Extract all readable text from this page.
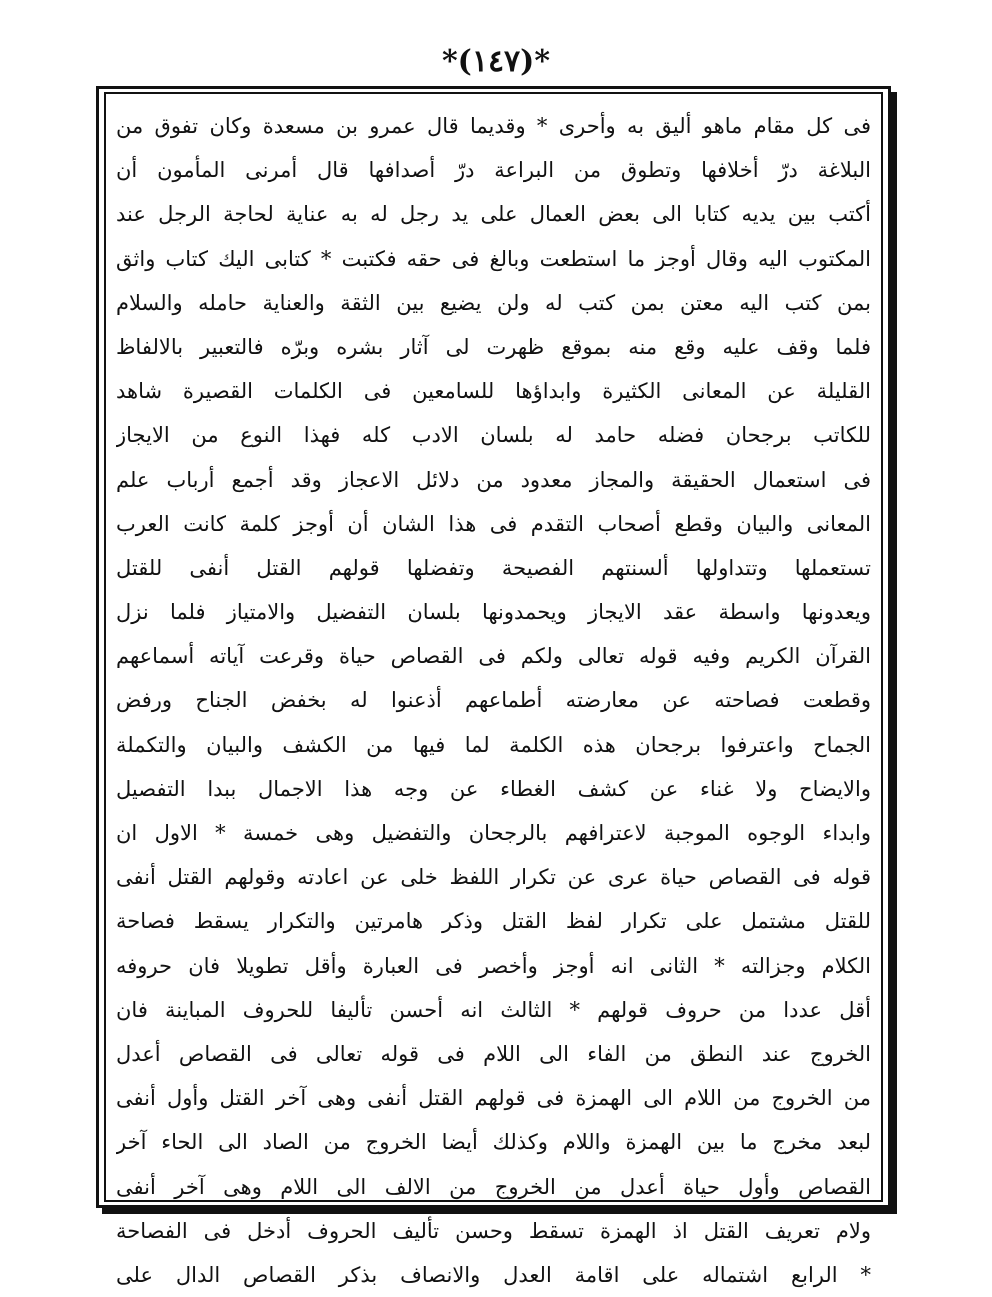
*(١٤٧)*
فى كل مقام ماهو أليق به وأحرى * وقديما قال عمرو بن مسعدة وكان تفوق من
البلاغة درّ أخلافها وتطوق من البراعة درّ أصدافها قال أمرنى المأمون أن
أكتب بين يديه كتابا الى بعض العمال على يد رجل له به عناية لحاجة الرجل عند
المكتوب اليه وقال أوجز ما استطعت وبالغ فى حقه فكتبت * كتابى اليك كتاب واثق
بمن كتب اليه معتن بمن كتب له ولن يضيع بين الثقة والعناية حامله والسلام
فلما وقف عليه وقع منه بموقع ظهرت لى آثار بشره وبرّه فالتعبير بالالفاظ
القليلة عن المعانى الكثيرة وابداؤها للسامعين فى الكلمات القصيرة شاهد
للكاتب برجحان فضله حامد له بلسان الادب كله فهذا النوع من الايجاز
فى استعمال الحقيقة والمجاز معدود من دلائل الاعجاز وقد أجمع أرباب علم
المعانى والبيان وقطع أصحاب التقدم فى هذا الشان أن أوجز كلمة كانت العرب
تستعملها وتتداولها ألسنتهم الفصيحة وتفضلها قولهم القتل أنفى للقتل
ويعدونها واسطة عقد الايجاز ويحمدونها بلسان التفضيل والامتياز فلما نزل
القرآن الكريم وفيه قوله تعالى ولكم فى القصاص حياة وقرعت آياته أسماعهم
وقطعت فصاحته عن معارضته أطماعهم أذعنوا له بخفض الجناح ورفض
الجماح واعترفوا برجحان هذه الكلمة لما فيها من الكشف والبيان والتكملة
والايضاح ولا غناء عن كشف الغطاء عن وجه هذا الاجمال ببدا التفصيل
وابداء الوجوه الموجبة لاعترافهم بالرجحان والتفضيل وهى خمسة * الاول ان
قوله فى القصاص حياة عرى عن تكرار اللفظ خلى عن اعادته وقولهم القتل أنفى
للقتل مشتمل على تكرار لفظ القتل وذكر هامرتين والتكرار يسقط فصاحة
الكلام وجزالته * الثانى انه أوجز وأخصر فى العبارة وأقل تطويلا فان حروفه
أقل عددا من حروف قولهم * الثالث انه أحسن تأليفا للحروف المباينة فان
الخروج عند النطق من الفاء الى اللام فى قوله تعالى فى القصاص أعدل
من الخروج من اللام الى الهمزة فى قولهم القتل أنفى وهى آخر القتل وأول أنفى
لبعد مخرج ما بين الهمزة واللام وكذلك أيضا الخروج من الصاد الى الحاء آخر
القصاص وأول حياة أعدل من الخروج من الالف الى اللام وهى آخر أنفى
ولام تعريف القتل اذ الهمزة تسقط وحسن تأليف الحروف أدخل فى الفصاحة
* الرابع اشتماله على اقامة العدل والانصاف بذكر القصاص الدال على
